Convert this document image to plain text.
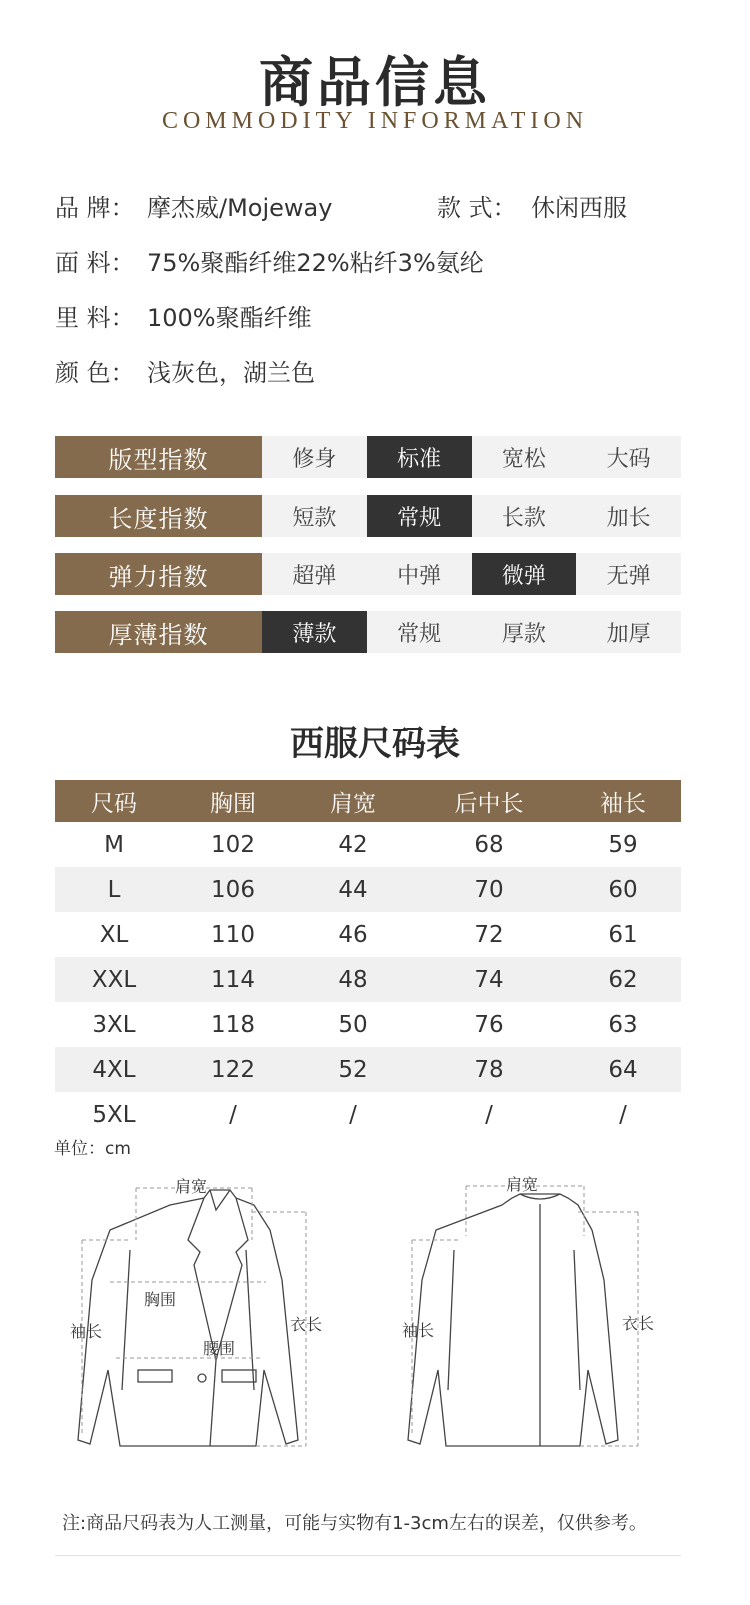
商品信息
COMMODITY INFORMATION
品 牌： 摩杰威/Mojeway	款 式： 休闲西服
面 料： 75%聚酯纤维22%粘纤3%氨纶
里 料： 100%聚酯纤维
颜 色： 浅灰色，湖兰色
版型指数	修身	标准	宽松	大码
长度指数	短款	常规	长款	加长
弹力指数	超弹	中弹	微弹	无弹
厚薄指数	薄款	常规	厚款	加厚
西服尺码表
尺码	胸围	肩宽	后中长	袖长
M	102	42	68	59
L	106	44	70	60
XL	110	46	72	61
XXL	114	48	74	62
3XL	118	50	76	63
4XL	122	52	78	64
5XL	/	/	/	/
单位：cm
肩宽
胸围
腰围
袖长	衣长
肩宽
袖长	衣长
注:商品尺码表为人工测量，可能与实物有1-3cm左右的误差，仅供参考。
